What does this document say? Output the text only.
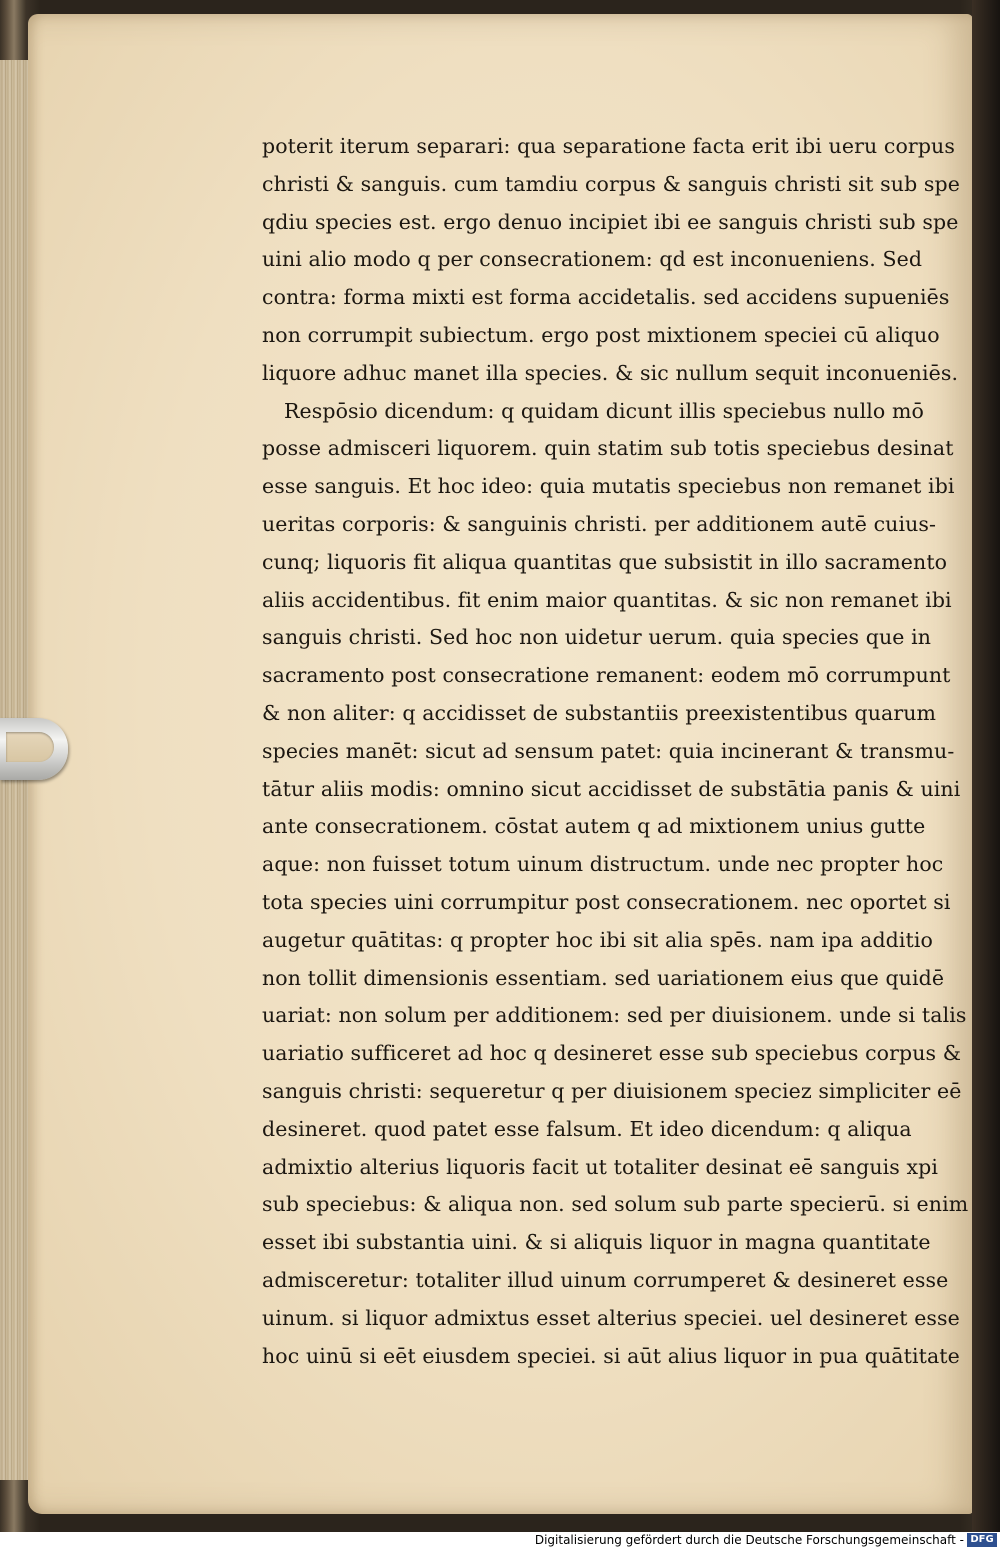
poterit iterum separari: qua separatione facta erit ibi ueru corpus
christi & sanguis. cum tamdiu corpus & sanguis christi sit sub spe
qdiu species est. ergo denuo incipiet ibi ee sanguis christi sub spe
uini alio modo q per consecrationem: qd est inconueniens. Sed
contra: forma mixti est forma accidetalis. sed accidens supueniēs
non corrumpit subiectum. ergo post mixtionem speciei cū aliquo
liquore adhuc manet illa species. & sic nullum sequit inconueniēs.
Respōsio dicendum: q quidam dicunt illis speciebus nullo mō
posse admisceri liquorem. quin statim sub totis speciebus desinat
esse sanguis. Et hoc ideo: quia mutatis speciebus non remanet ibi
ueritas corporis: & sanguinis christi. per additionem autē cuius-
cunq; liquoris fit aliqua quantitas que subsistit in illo sacramento
aliis accidentibus. fit enim maior quantitas. & sic non remanet ibi
sanguis christi. Sed hoc non uidetur uerum. quia species que in
sacramento post consecratione remanent: eodem mō corrumpunt
& non aliter: q accidisset de substantiis preexistentibus quarum
species manēt: sicut ad sensum patet: quia incinerant & transmu-
tātur aliis modis: omnino sicut accidisset de substātia panis & uini
ante consecrationem. cōstat autem q ad mixtionem unius gutte
aque: non fuisset totum uinum distructum. unde nec propter hoc
tota species uini corrumpitur post consecrationem. nec oportet si
augetur quātitas: q propter hoc ibi sit alia spēs. nam ipa additio
non tollit dimensionis essentiam. sed uariationem eius que quidē
uariat: non solum per additionem: sed per diuisionem. unde si talis
uariatio sufficeret ad hoc q desineret esse sub speciebus corpus &
sanguis christi: sequeretur q per diuisionem speciez simpliciter eē
desineret. quod patet esse falsum. Et ideo dicendum: q aliqua
admixtio alterius liquoris facit ut totaliter desinat eē sanguis xpi
sub speciebus: & aliqua non. sed solum sub parte specierū. si enim
esset ibi substantia uini. & si aliquis liquor in magna quantitate
admisceretur: totaliter illud uinum corrumperet & desineret esse
uinum. si liquor admixtus esset alterius speciei. uel desineret esse
hoc uinū si eēt eiusdem speciei. si aūt alius liquor in pua quātitate
Digitalisierung gefördert durch die Deutsche Forschungsgemeinschaft - DFG
